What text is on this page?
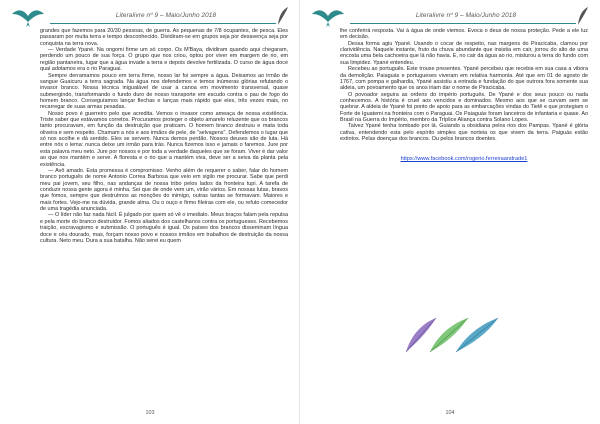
Literalivre nº 9 – Maio/Junho 2018

grandes que fazemos para 20/30 pessoas, de guerra. As pequenas de 7/8 ocupantes, de pesca. Eles passaram por muita terra e tempo desconhecido. Dividiram-se em grupos seja por desavença seja por conquista na terra nova.

— Verdade Ypané. Na ongomi firme um só corpo. Os M'Baya, dividiram quando aqui chegaram, perdendo um pouco de sua força. O grupo que nos criou, optou por viver em margem de rio, em região pantaneira, lugar que a água invade a terra e depois devolve fertilizada. O curso de água doce qual adotamos era o rio Paraguai.

Sempre derramamos pouco em terra firme, nosso lar foi sempre a água. Deixamos ao irmão de sangue Guaicuru a terra sagrada. Na água nos defendemos e temos inúmeras glórias refutando o invasor branco. Nossa técnica inigualável de usar a canoa em movimento transversal, quase submergindo, transformando o fundo duro de nosso transporte em escudo contra o pau de fogo do homem branco. Conseguíamos lançar flechas e lanças mais rápido que eles, três vezes mais, no recarregar de suas armas pesadas.

Nosso povo é guerreiro pelo que acredita. Vemos o invasor como ameaça de nossa existência. Triste saber que estávamos corretos. Procuramos proteger o objeto amarelo reluzente que os brancos tanto procuravam, em função da destruição que praticam. O homem branco destruiu e mata toda oliveira e sem respeito. Chamam a nós e aos irmãos de pele, de "selvagens". Defendemos o lugar que só nos acolhe e dá sentido. Eles se servem. Nunca demos perdão. Nossos deuses são de luta. Há entre nós o lema: nunca deixe um irmão para trás. Nunca fizemos isso e jamais o faremos. Jure por esta palavra meu neto. Jure por nossos e por toda a verdade daqueles que se foram. Viver é dar valor ao que nos mantém e serve. A floresta e o rio que a mantém viva, deve ser a seiva da planta pela existência.

— Avô amado. Esta promessa é compromisso. Venho além de requerer o saber, falar do homem branco português de nome Antonio Correa Barbosa que veio em sigilo me procurar. Sabe que perdi meu pai jovem, seu filho, nas andanças de nossa tribo pelos lados da fronteira tupi. A tarefa de conduzir nossa gente agora é minha. Sei que de onde vem um, virão vários. Em nossas lutas, bravos que fomos, sempre que destruímos as monções do inimigo, outras tantas se formavam. Maiores e mais fortes. Vejo-me na dúvida, grande alma. Ou o ouço e firmo fileiras com ele, ou refuto comecedor de uma tragédia anunciada.

— O líder não faz nada fácil. É julgado por quem só vê o imediato. Meus braços falam pela repulsa e pela morte do branco destruidor. Fomos aliados dos castelhanos contra os portugueses. Recebemos traição, escravagismo e submissão. O português é igual. Os países dos brancos disseminam língua doce e céu dourado, mas, forçam nosso povo e nossos irmãos em trabalhos de destruição da nossa cultura. Neto meu. Dura a sua batalha. Não serei eu quem

103
Literalivre nº 9 – Maio/Junho 2018

lhe conferirá resposta. Vai à água de onde viemos. Evoca o deus de nossa proteção. Pede a ele luz em decisão.

Dessa forma agiu Ypané. Usando o cocar de respeito, nas margens do Piracicaba, clamou por clarividência. Naquele instante, fruto da chuva abundante que insistia em cair, jorrou do alto de uma encosta uma bela cachoeira que lá não havia. E, no cair da água ao rio, misturou a terra do fundo com sua limpidez. Ypané entendeu.

Recebeu ao português. Este trouxe presentes. Ypané percebeu que recebia em sua casa a vibora da demolição. Paiaguás e portugueses viveram em relativa harmonia. Até que em 01 de agosto de 1767, com pompa e galhardia, Ypané assistiu a entrada e fundação do que outrora fora somente sua aldeia, um povoamento que os anos iriam dar o nome de Piracicaba.

O povoador seguira as ordens do império português. De Ypané e dos seus pouco ou nada conhecemos. A história é cruel aos vencidos e dominados. Mesmo aos que se curvam sem se quebrar. A aldeia de Ypané foi ponto de apoio para as embarcações vindas do Tietê e que protegiam o Forte de Iguatemi na fronteira com o Paraguai. Os Paiaguás foram lanceiros de infantaria e quase. Ao Brasil na Guerra do Império, membro da Tríplice Aliança contra Solano Lopes.

Talvez Ypané tenha tombado por lá. Guiando a obsidiana pelos rios dos Pampas. Ypané é glória cativa, entendendo esta pelo espírito simples que norteia os que vivem da terra. Paiguás estão extintos. Pelas doenças dos brancos. Ou pelos brancos doentes.

https://www.facebook.com/rogerio.ferreiraandrade1
104
